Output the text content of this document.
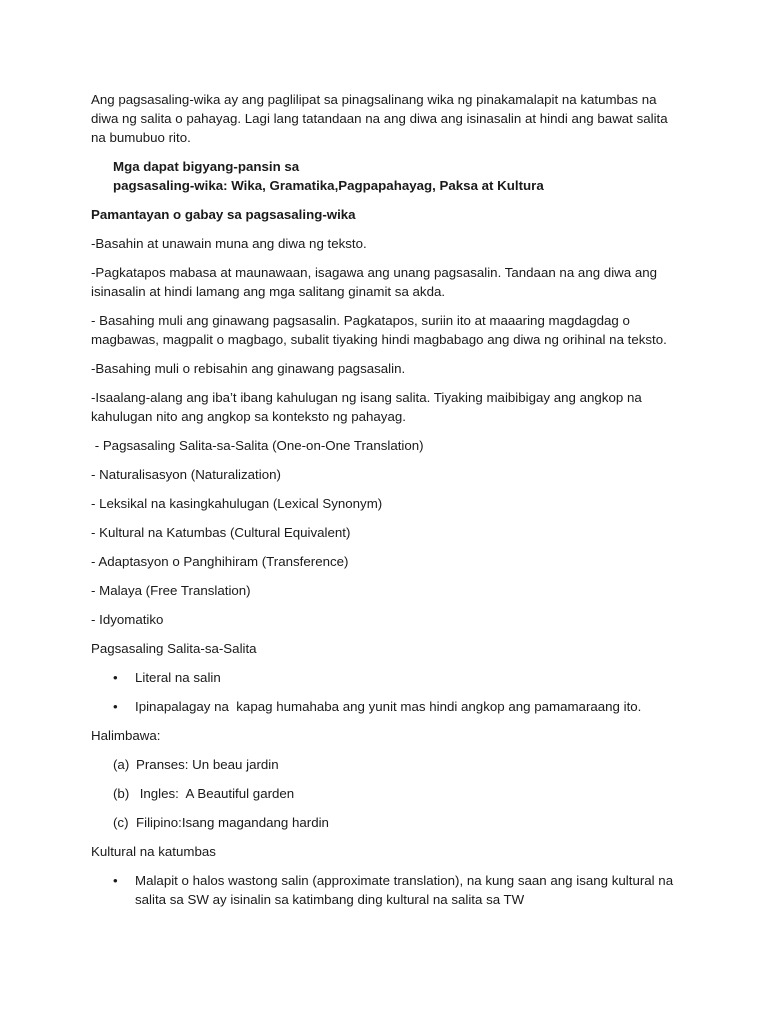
Ang pagsasaling-wika ay ang paglilipat sa pinagsalinang wika ng pinakamalapit na katumbas na diwa ng salita o pahayag. Lagi lang tatandaan na ang diwa ang isinasalin at hindi ang bawat salita na bumubuo rito.

Mga dapat bigyang-pansin sa
pagsasaling-wika: Wika, Gramatika,Pagpapahayag, Paksa at Kultura

Pamantayan o gabay sa pagsasaling-wika

-Basahin at unawain muna ang diwa ng teksto.

-Pagkatapos mabasa at maunawaan, isagawa ang unang pagsasalin. Tandaan na ang diwa ang isinasalin at hindi lamang ang mga salitang ginamit sa akda.

- Basahing muli ang ginawang pagsasalin. Pagkatapos, suriin ito at maaaring magdagdag o magbawas, magpalit o magbago, subalit tiyaking hindi magbabago ang diwa ng orihinal na teksto.

-Basahing muli o rebisahin ang ginawang pagsasalin.

-Isaalang-alang ang iba’t ibang kahulugan ng isang salita. Tiyaking maibibigay ang angkop na kahulugan nito ang angkop sa konteksto ng pahayag.

- Pagsasaling Salita-sa-Salita (One-on-One Translation)

- Naturalisasyon (Naturalization)

- Leksikal na kasingkahulugan (Lexical Synonym)

- Kultural na Katumbas (Cultural Equivalent)

- Adaptasyon o Panghihiram (Transference)

- Malaya (Free Translation)

- Idyomatiko

Pagsasaling Salita-sa-Salita

• Literal na salin
• Ipinapalagay na  kapag humahaba ang yunit mas hindi angkop ang pamamaraang ito.

Halimbawa:

(a) Pranses: Un beau jardin
(b) Ingles:  A Beautiful garden
(c) Filipino:Isang magandang hardin

Kultural na katumbas

• Malapit o halos wastong salin (approximate translation), na kung saan ang isang kultural na salita sa SW ay isinalin sa katimbang ding kultural na salita sa TW
